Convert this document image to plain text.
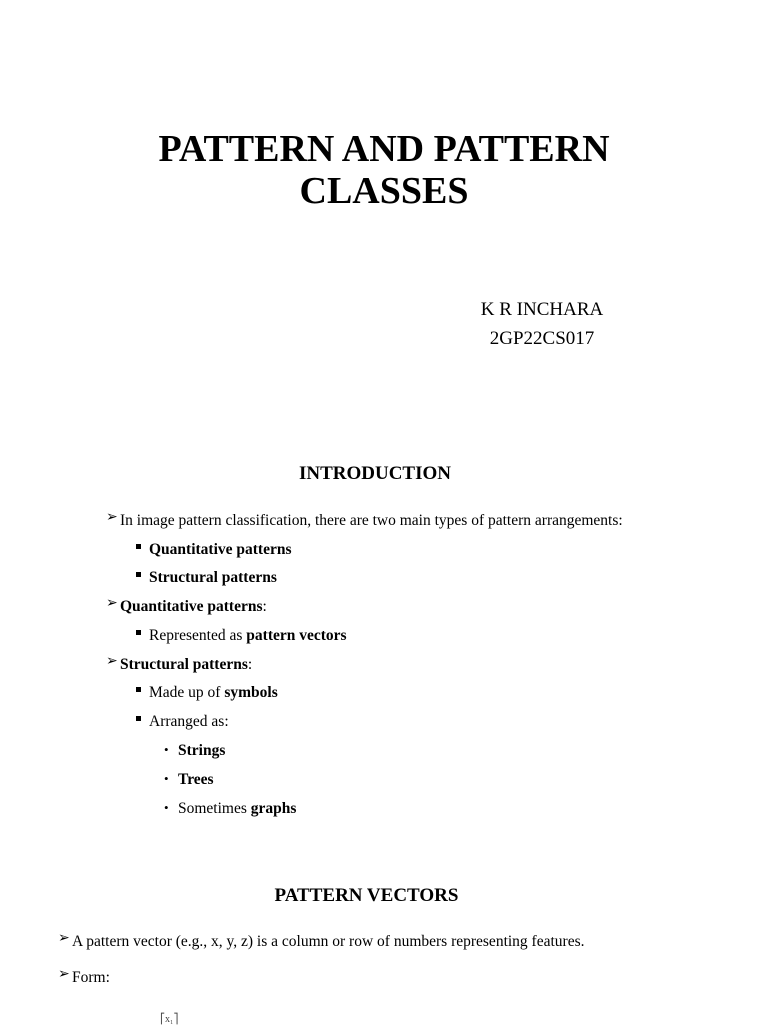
PATTERN AND PATTERN
CLASSES
K R INCHARA
2GP22CS017
INTRODUCTION
➢ In image pattern classification, there are two main types of pattern arrangements:
Quantitative patterns
Structural patterns
➢ Quantitative patterns:
Represented as pattern vectors
➢ Structural patterns:
Made up of symbols
Arranged as:
• Strings
• Trees
• Sometimes graphs
PATTERN VECTORS
➢ A pattern vector (e.g., x, y, z) is a column or row of numbers representing features.
➢ Form:
⎡x₁⎤
